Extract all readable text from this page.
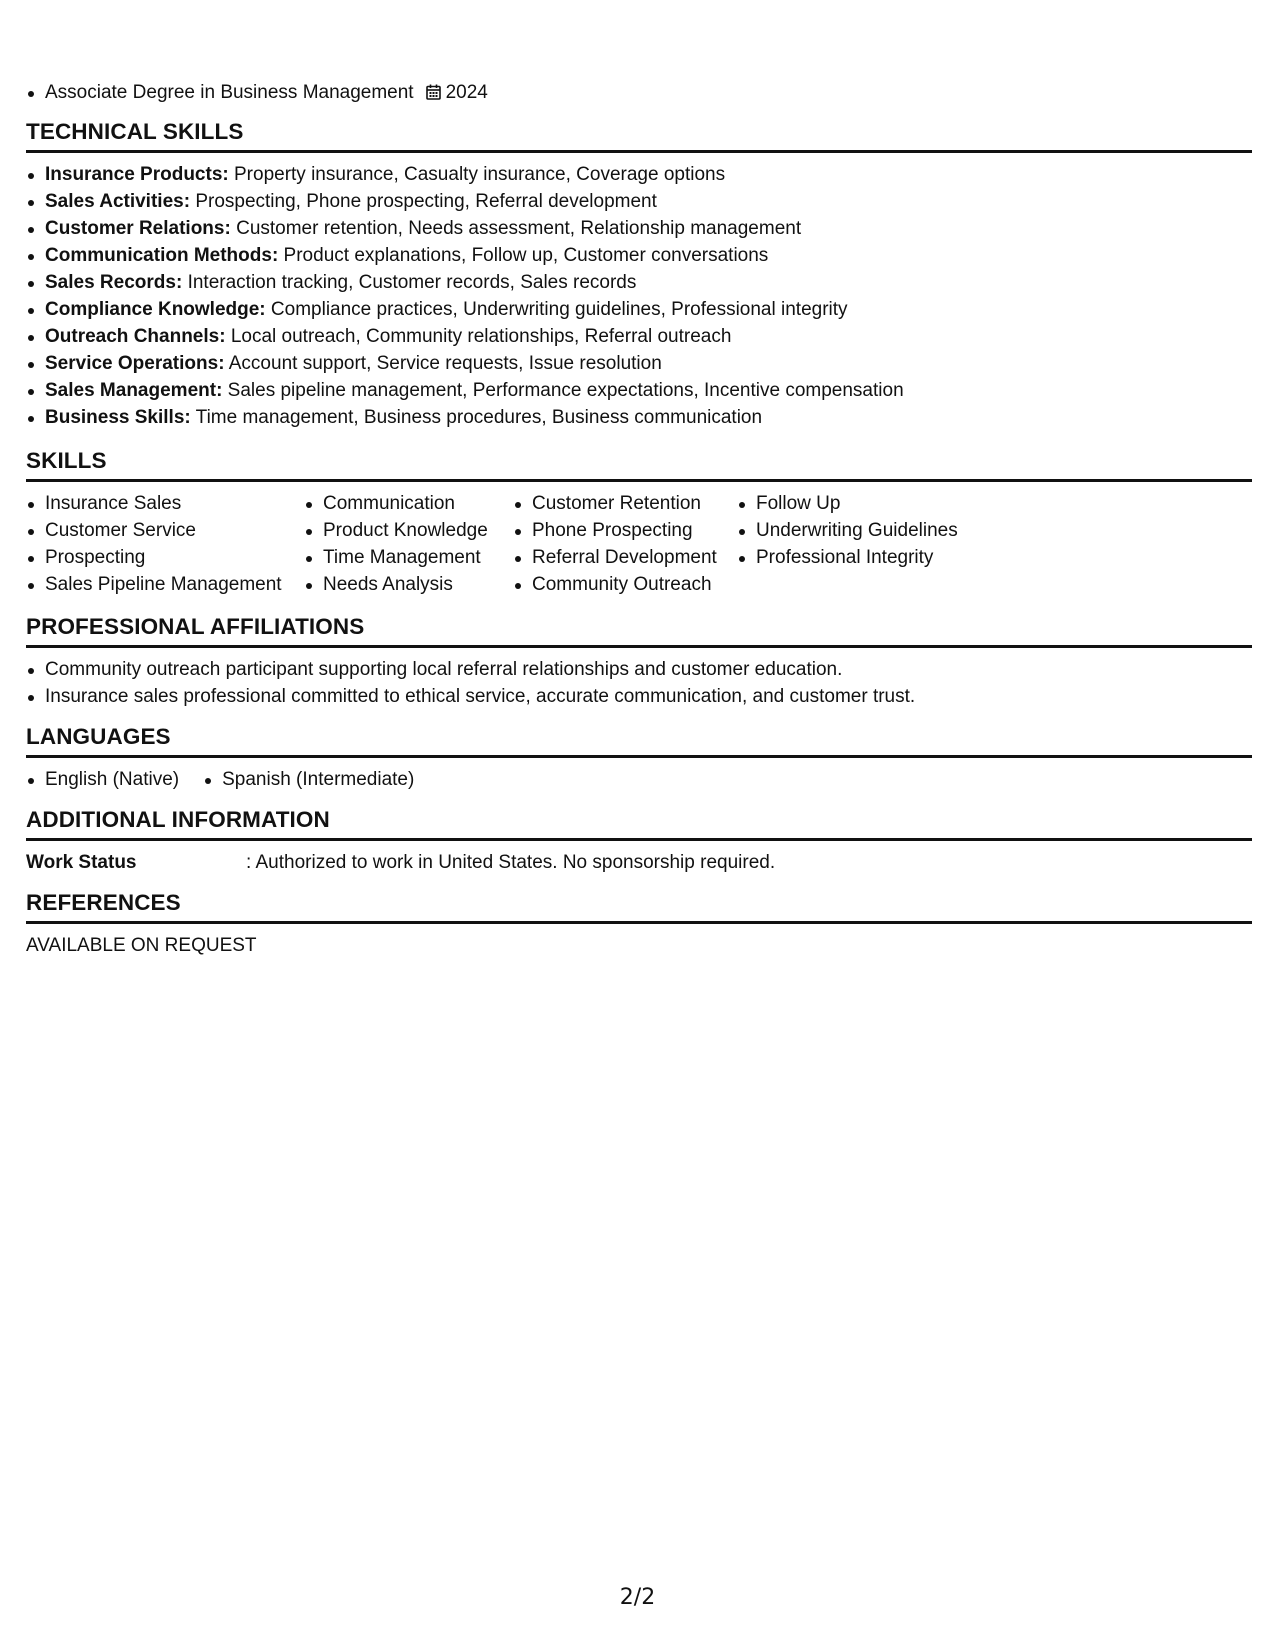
Associate Degree in Business Management 2024
TECHNICAL SKILLS
Insurance Products: Property insurance, Casualty insurance, Coverage options
Sales Activities: Prospecting, Phone prospecting, Referral development
Customer Relations: Customer retention, Needs assessment, Relationship management
Communication Methods: Product explanations, Follow up, Customer conversations
Sales Records: Interaction tracking, Customer records, Sales records
Compliance Knowledge: Compliance practices, Underwriting guidelines, Professional integrity
Outreach Channels: Local outreach, Community relationships, Referral outreach
Service Operations: Account support, Service requests, Issue resolution
Sales Management: Sales pipeline management, Performance expectations, Incentive compensation
Business Skills: Time management, Business procedures, Business communication
SKILLS
Insurance Sales
Customer Service
Prospecting
Sales Pipeline Management
Communication
Product Knowledge
Time Management
Needs Analysis
Customer Retention
Phone Prospecting
Referral Development
Community Outreach
Follow Up
Underwriting Guidelines
Professional Integrity
PROFESSIONAL AFFILIATIONS
Community outreach participant supporting local referral relationships and customer education.
Insurance sales professional committed to ethical service, accurate communication, and customer trust.
LANGUAGES
English (Native)	Spanish (Intermediate)
ADDITIONAL INFORMATION
Work Status	: Authorized to work in United States. No sponsorship required.
REFERENCES
AVAILABLE ON REQUEST
2/2
